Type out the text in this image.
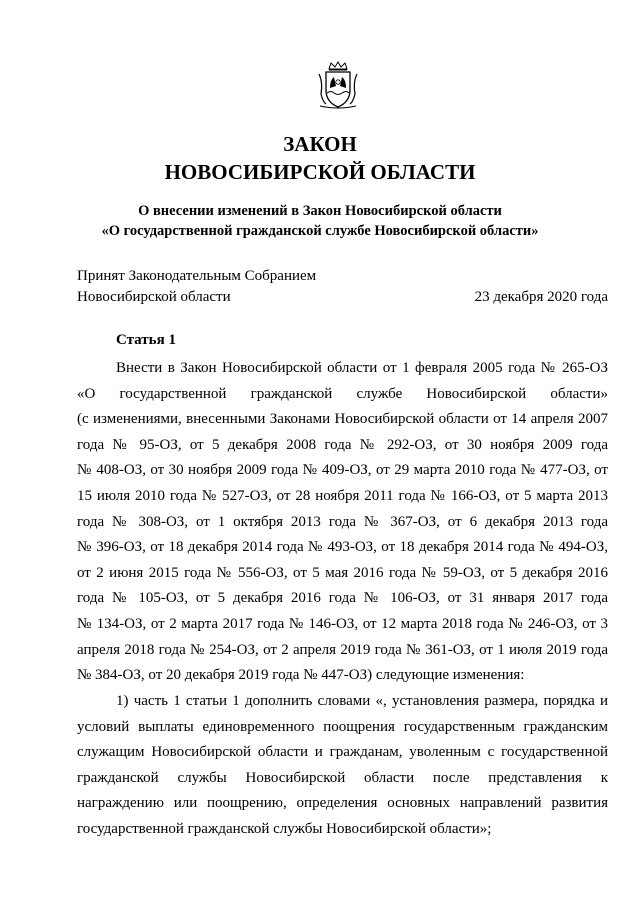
ЗАКОН
НОВОСИБИРСКОЙ ОБЛАСТИ
О внесении изменений в Закон Новосибирской области
«О государственной гражданской службе Новосибирской области»
Принят Законодательным Собранием
Новосибирской области	23 декабря 2020 года
Статья 1
Внести в Закон Новосибирской области от 1 февраля 2005 года № 265-ОЗ
«О государственной гражданской службе Новосибирской области»
(с изменениями, внесенными Законами Новосибирской области от 14 апреля 2007
года № 95-ОЗ, от 5 декабря 2008 года № 292-ОЗ, от 30 ноября 2009 года
№ 408-ОЗ, от 30 ноября 2009 года № 409-ОЗ, от 29 марта 2010 года № 477-ОЗ, от
15 июля 2010 года № 527-ОЗ, от 28 ноября 2011 года № 166-ОЗ, от 5 марта 2013
года № 308-ОЗ, от 1 октября 2013 года № 367-ОЗ, от 6 декабря 2013 года
№ 396-ОЗ, от 18 декабря 2014 года № 493-ОЗ, от 18 декабря 2014 года № 494-ОЗ,
от 2 июня 2015 года № 556-ОЗ, от 5 мая 2016 года № 59-ОЗ, от 5 декабря 2016
года № 105-ОЗ, от 5 декабря 2016 года № 106-ОЗ, от 31 января 2017 года
№ 134-ОЗ, от 2 марта 2017 года № 146-ОЗ, от 12 марта 2018 года № 246-ОЗ, от 3
апреля 2018 года № 254-ОЗ, от 2 апреля 2019 года № 361-ОЗ, от 1 июля 2019 года
№ 384-ОЗ, от 20 декабря 2019 года № 447-ОЗ) следующие изменения:
1) часть 1 статьи 1 дополнить словами «, установления размера, порядка и
условий выплаты единовременного поощрения государственным гражданским
служащим Новосибирской области и гражданам, уволенным с государственной
гражданской службы Новосибирской области после представления к
награждению или поощрению, определения основных направлений развития
государственной гражданской службы Новосибирской области»;
